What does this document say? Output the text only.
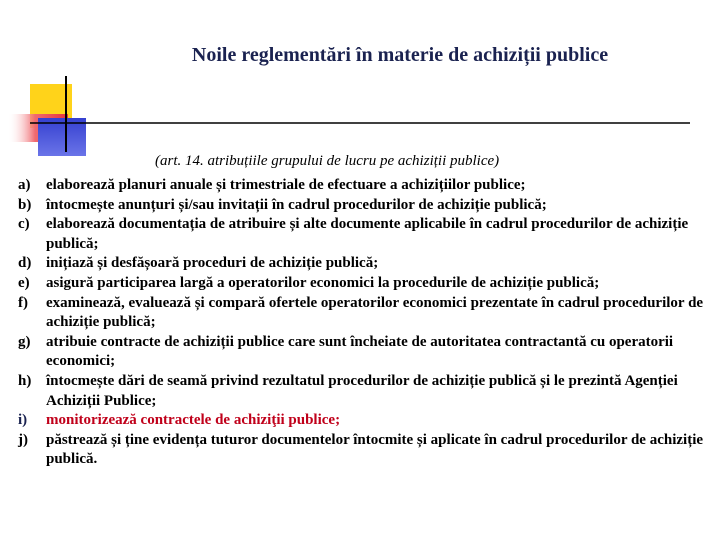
Noile reglementări în materie de achiziții publice
(art. 14. atribuțiile grupului de lucru pe achiziții publice)
a)	elaborează planuri anuale și trimestriale de efectuare a achizițiilor publice;
b) întocmește anunțuri și/sau invitații în cadrul procedurilor de achiziție publică;
c)	elaborează documentația de atribuire și alte documente aplicabile în cadrul procedurilor de achiziție publică;
d) inițiază și desfășoară proceduri de achiziție publică;
e)	asigură participarea largă a operatorilor economici la procedurile de achiziție publică;
f)	examinează, evaluează și compară ofertele operatorilor economici prezentate în cadrul procedurilor de achiziție publică;
g)	atribuie contracte de achiziții publice care sunt încheiate de autoritatea contractantă cu operatorii economici;
h) întocmește dări de seamă privind rezultatul procedurilor de achiziție publică și le prezintă Agenției Achiziții Publice;
i)	monitorizează contractele de achiziţii publice;
j)	păstrează și ține evidența tuturor documentelor întocmite și aplicate în cadrul procedurilor de achiziție publică.
